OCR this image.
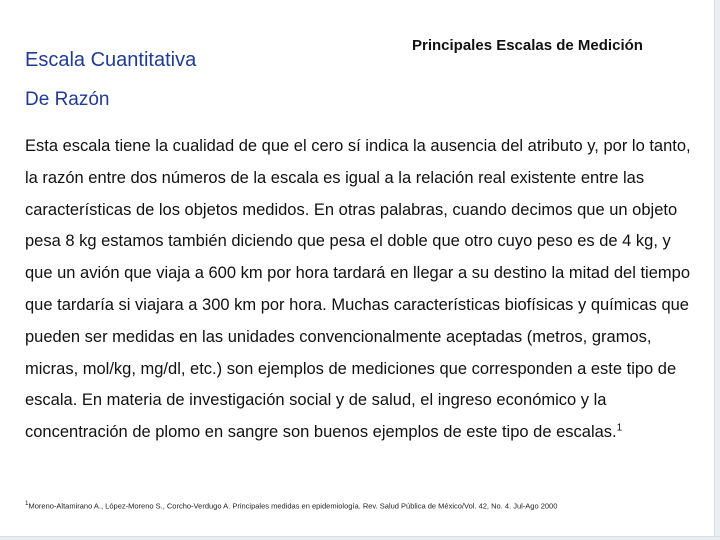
Principales Escalas de Medición
Escala Cuantitativa
De Razón

Esta escala tiene la cualidad de que el cero sí indica la ausencia del atributo y, por lo tanto, la razón entre dos números de la escala es igual a la relación real existente entre las características de los objetos medidos. En otras palabras, cuando decimos que un objeto pesa 8 kg estamos también diciendo que pesa el doble que otro cuyo peso es de 4 kg, y que un avión que viaja a 600 km por hora tardará en llegar a su destino la mitad del tiempo que tardaría si viajara a 300 km por hora. Muchas características biofísicas y químicas que pueden ser medidas en las unidades convencionalmente aceptadas (metros, gramos, micras, mol/kg, mg/dl, etc.) son ejemplos de mediciones que corresponden a este tipo de escala. En materia de investigación social y de salud, el ingreso económico y la concentración de plomo en sangre son buenos ejemplos de este tipo de escalas.$^1$

$^1$Moreno-Altamirano A., López-Moreno S., Corcho-Verdugo A. Principales medidas en epidemiología. Rev. Salud Pública de México/Vol. 42, No. 4. Jul-Ago 2000
